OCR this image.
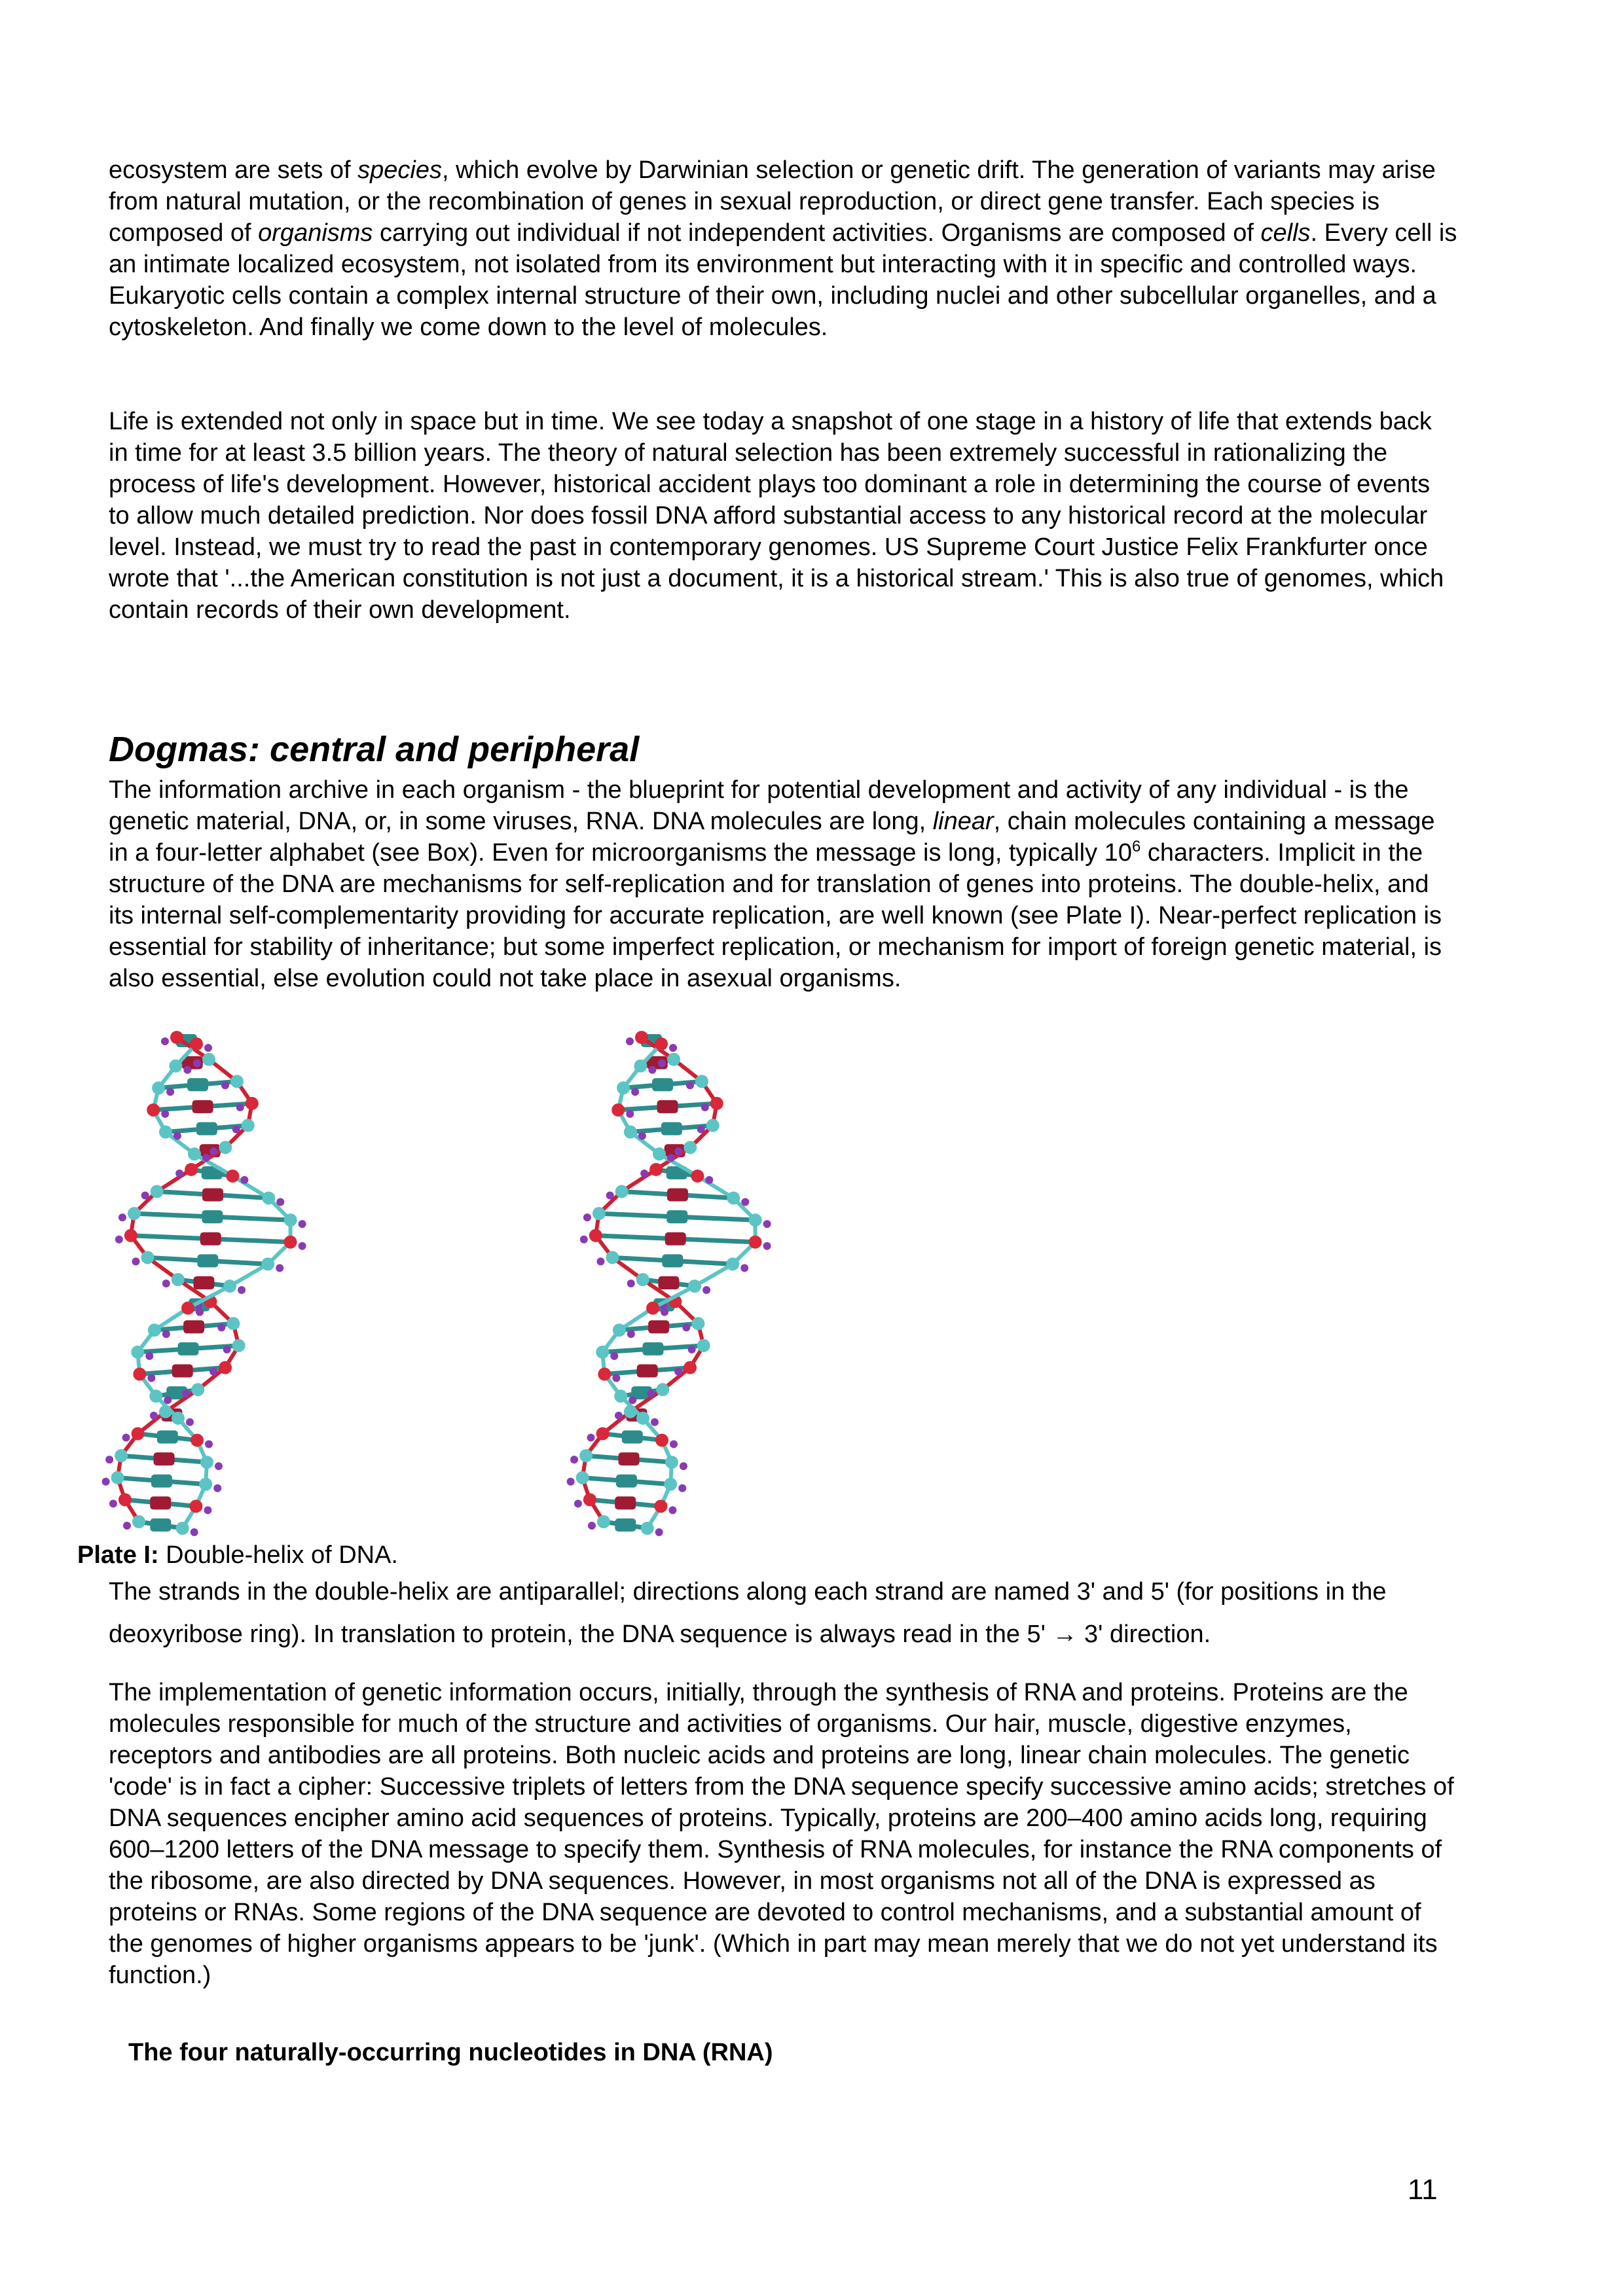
ecosystem are sets of species, which evolve by Darwinian selection or genetic drift. The generation of variants may arise from natural mutation, or the recombination of genes in sexual reproduction, or direct gene transfer. Each species is composed of organisms carrying out individual if not independent activities. Organisms are composed of cells. Every cell is an intimate localized ecosystem, not isolated from its environment but interacting with it in specific and controlled ways. Eukaryotic cells contain a complex internal structure of their own, including nuclei and other subcellular organelles, and a cytoskeleton. And finally we come down to the level of molecules.

Life is extended not only in space but in time. We see today a snapshot of one stage in a history of life that extends back in time for at least 3.5 billion years. The theory of natural selection has been extremely successful in rationalizing the process of life's development. However, historical accident plays too dominant a role in determining the course of events to allow much detailed prediction. Nor does fossil DNA afford substantial access to any historical record at the molecular level. Instead, we must try to read the past in contemporary genomes. US Supreme Court Justice Felix Frankfurter once wrote that '...the American constitution is not just a document, it is a historical stream.' This is also true of genomes, which contain records of their own development.

Dogmas: central and peripheral

The information archive in each organism - the blueprint for potential development and activity of any individual - is the genetic material, DNA, or, in some viruses, RNA. DNA molecules are long, linear, chain molecules containing a message in a four-letter alphabet (see Box). Even for microorganisms the message is long, typically $10^6$ characters. Implicit in the structure of the DNA are mechanisms for self-replication and for translation of genes into proteins. The double-helix, and its internal self-complementarity providing for accurate replication, are well known (see Plate I). Near-perfect replication is essential for stability of inheritance; but some imperfect replication, or mechanism for import of foreign genetic material, is also essential, else evolution could not take place in asexual organisms.

Plate I: Double-helix of DNA.

The strands in the double-helix are antiparallel; directions along each strand are named 3' and 5' (for positions in the deoxyribose ring). In translation to protein, the DNA sequence is always read in the 5' → 3' direction.

The implementation of genetic information occurs, initially, through the synthesis of RNA and proteins. Proteins are the molecules responsible for much of the structure and activities of organisms. Our hair, muscle, digestive enzymes, receptors and antibodies are all proteins. Both nucleic acids and proteins are long, linear chain molecules. The genetic 'code' is in fact a cipher: Successive triplets of letters from the DNA sequence specify successive amino acids; stretches of DNA sequences encipher amino acid sequences of proteins. Typically, proteins are 200–400 amino acids long, requiring 600–1200 letters of the DNA message to specify them. Synthesis of RNA molecules, for instance the RNA components of the ribosome, are also directed by DNA sequences. However, in most organisms not all of the DNA is expressed as proteins or RNAs. Some regions of the DNA sequence are devoted to control mechanisms, and a substantial amount of the genomes of higher organisms appears to be 'junk'. (Which in part may mean merely that we do not yet understand its function.)

The four naturally-occurring nucleotides in DNA (RNA)
11
